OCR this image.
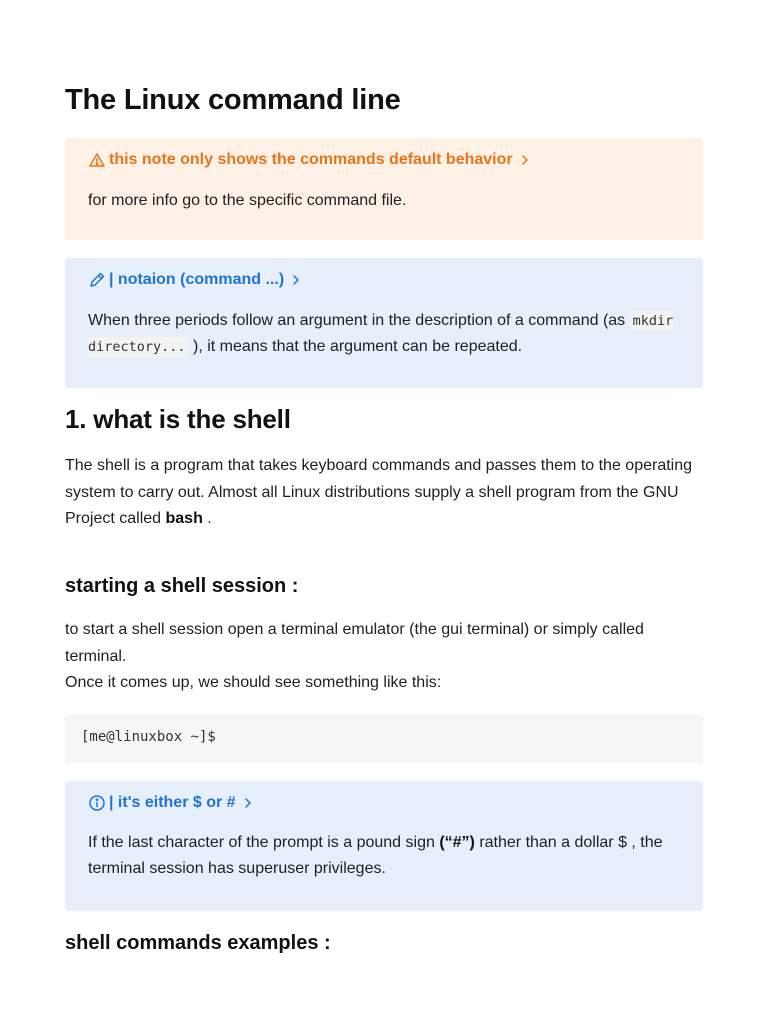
The Linux command line
this note only shows the commands default behavior
for more info go to the specific command file.
| notaion (command ...)
When three periods follow an argument in the description of a command (as mkdir directory... ), it means that the argument can be repeated.
1. what is the shell

The shell is a program that takes keyboard commands and passes them to the operating system to carry out. Almost all Linux distributions supply a shell program from the GNU Project called bash .

starting a shell session :

to start a shell session open a terminal emulator (the gui terminal) or simply called terminal.
Once it comes up, we should see something like this:

[me@linuxbox ~]$
| it's either $ or #
If the last character of the prompt is a pound sign (“#”) rather than a dollar $ , the terminal session has superuser privileges.
shell commands examples :
